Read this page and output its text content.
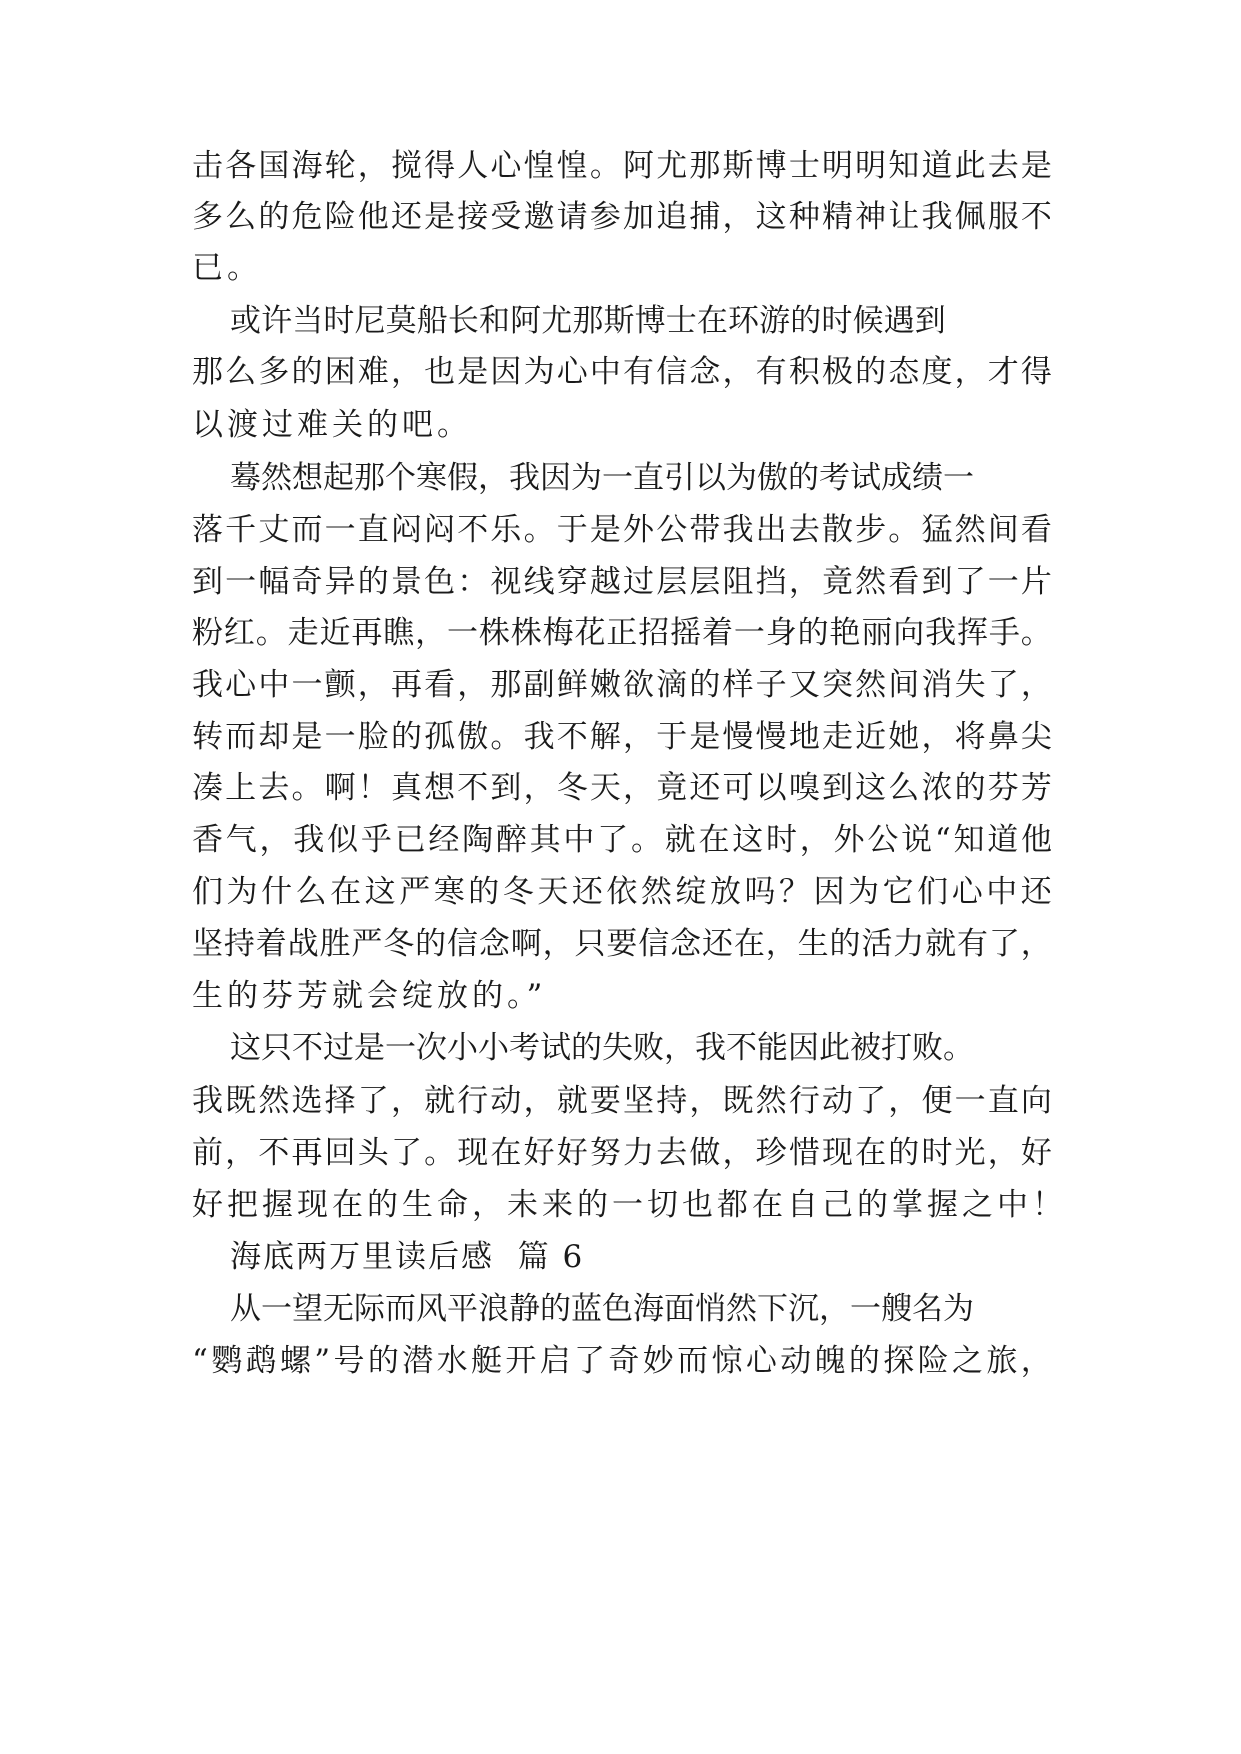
击 各 国 海 轮 ， 搅 得 人 心 惶 惶 。 阿 尤 那 斯 博 士 明 明 知 道 此 去 是
多 么 的 危 险 他 还 是 接 受 邀 请 参 加 追 捕 ， 这 种 精 神 让 我 佩 服 不
已。
或 许 当 时 尼 莫 船 长 和 阿 尤 那 斯 博 士 在 环 游 的 时 候 遇 到
那 么 多 的 困 难 ， 也 是 因 为 心 中 有 信 念 ， 有 积 极 的 态 度 ， 才 得
以渡过难关的吧。
蓦 然 想 起 那 个 寒 假 ， 我 因 为 一 直 引 以 为 傲 的 考 试 成 绩 一
落 千 丈 而 一 直 闷 闷 不 乐 。 于 是 外 公 带 我 出 去 散 步 。 猛 然 间 看
到 一 幅 奇 异 的 景 色 ： 视 线 穿 越 过 层 层 阻 挡 ， 竟 然 看 到 了 一 片
粉 红 。 走 近 再 瞧 ， 一 株 株 梅 花 正 招 摇 着 一 身 的 艳 丽 向 我 挥 手 。
我 心 中 一 颤 ， 再 看 ， 那 副 鲜 嫩 欲 滴 的 样 子 又 突 然 间 消 失 了 ，
转 而 却 是 一 脸 的 孤 傲 。 我 不 解 ， 于 是 慢 慢 地 走 近 她 ， 将 鼻 尖
凑 上 去 。 啊 ！ 真 想 不 到 ， 冬 天 ， 竟 还 可 以 嗅 到 这 么 浓 的 芬 芳
香 气 ， 我 似 乎 已 经 陶 醉 其 中 了 。 就 在 这 时 ， 外 公 说 “ 知 道 他
们 为 什 么 在 这 严 寒 的 冬 天 还 依 然 绽 放 吗 ？ 因 为 它 们 心 中 还
坚 持 着 战 胜 严 冬 的 信 念 啊 ， 只 要 信 念 还 在 ， 生 的 活 力 就 有 了 ，
生的芬芳就会绽放的。”
这 只 不 过 是 一 次 小 小 考 试 的 失 败 ， 我 不 能 因 此 被 打 败 。
我 既 然 选 择 了 ， 就 行 动 ， 就 要 坚 持 ， 既 然 行 动 了 ， 便 一 直 向
前 ， 不 再 回 头 了 。 现 在 好 好 努 力 去 做 ， 珍 惜 现 在 的 时 光 ， 好
好把握现在的生命，未来的一切也都在自己的掌握之中！
海底两万里读后感  篇 6
从 一 望 无 际 而 风 平 浪 静 的 蓝 色 海 面 悄 然 下 沉 ， 一 艘 名 为
“ 鹦 鹉 螺 ” 号 的 潜 水 艇 开 启 了 奇 妙 而 惊 心 动 魄 的 探 险 之 旅 ，
